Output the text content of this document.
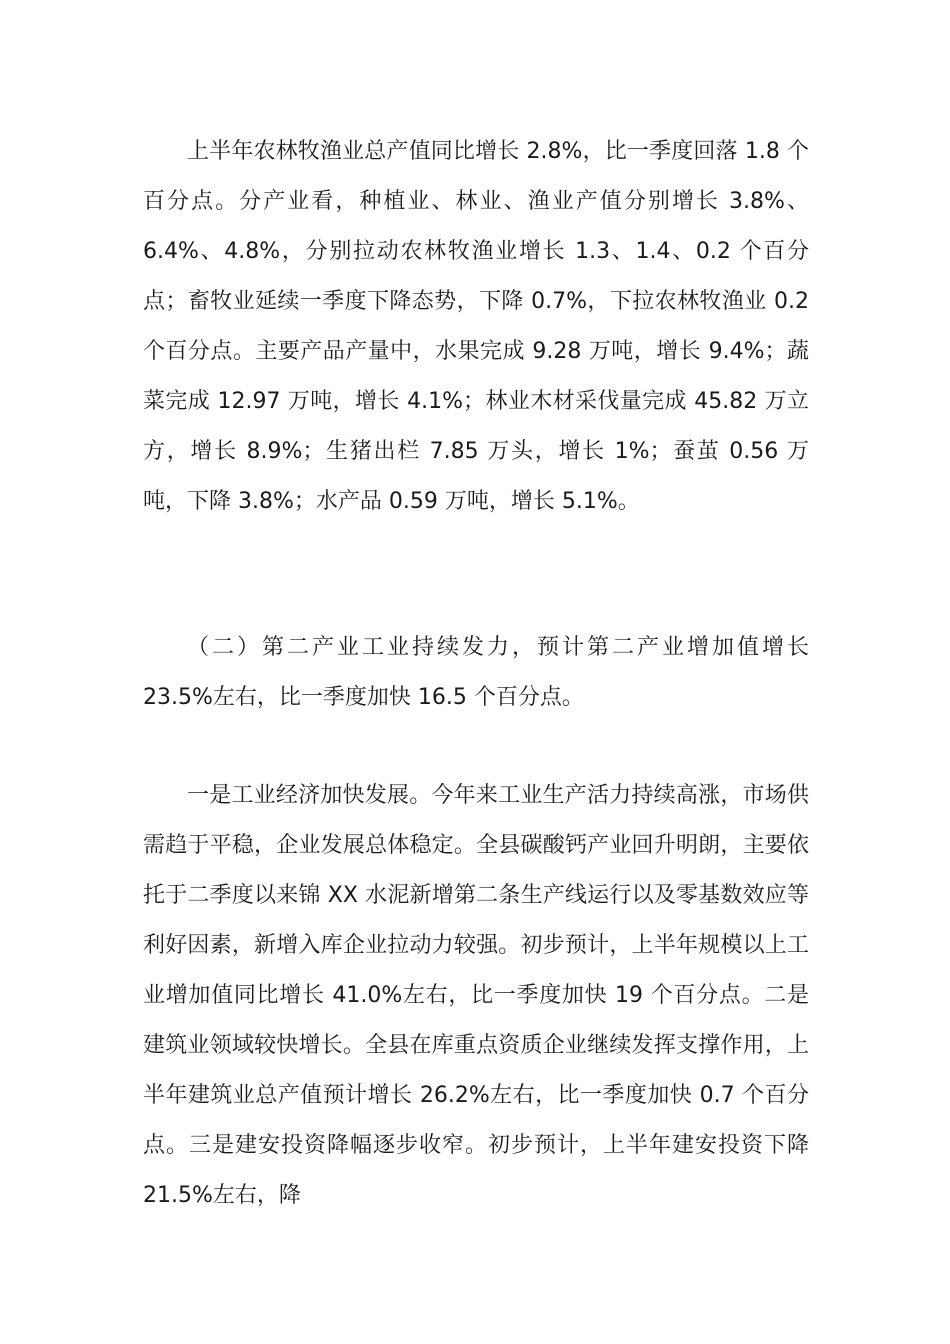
上半年农林牧渔业总产值同比增长 2.8%，比一季度回落 1.8 个百分点。分产业看，种植业、林业、渔业产值分别增长 3.8%、6.4%、4.8%，分别拉动农林牧渔业增长 1.3、1.4、0.2 个百分点；畜牧业延续一季度下降态势，下降 0.7%，下拉农林牧渔业 0.2 个百分点。主要产品产量中，水果完成 9.28 万吨，增长 9.4%；蔬菜完成 12.97 万吨，增长 4.1%；林业木材采伐量完成 45.82 万立方，增长 8.9%；生猪出栏 7.85 万头，增长 1%；蚕茧 0.56 万吨，下降 3.8%；水产品 0.59 万吨，增长 5.1%。

（二）第二产业工业持续发力，预计第二产业增加值增长 23.5%左右，比一季度加快 16.5 个百分点。

一是工业经济加快发展。今年来工业生产活力持续高涨，市场供需趋于平稳，企业发展总体稳定。全县碳酸钙产业回升明朗，主要依托于二季度以来锦 XX 水泥新增第二条生产线运行以及零基数效应等利好因素，新增入库企业拉动力较强。初步预计，上半年规模以上工业增加值同比增长 41.0%左右，比一季度加快 19 个百分点。二是建筑业领域较快增长。全县在库重点资质企业继续发挥支撑作用，上半年建筑业总产值预计增长 26.2%左右，比一季度加快 0.7 个百分点。三是建安投资降幅逐步收窄。初步预计，上半年建安投资下降 21.5%左右，降
